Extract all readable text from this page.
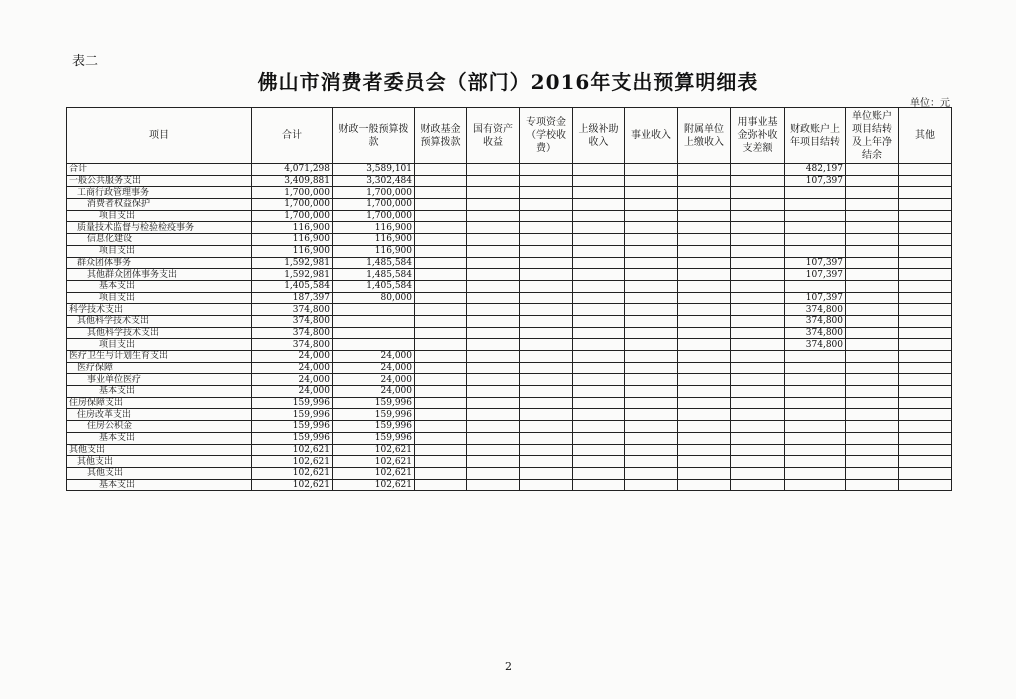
表二
佛山市消费者委员会（部门）2016年支出预算明细表
单位：元
项目	合计	财政一般预算拨款	财政基金预算拨款	国有资产收益	专项资金（学校收费）	上级补助收入	事业收入	附属单位上缴收入	用事业基金弥补收支差额	财政账户上年项目结转	单位账户项目结转及上年净结余	其他
合计	4,071,298	3,589,101								482,197		
一般公共服务支出	3,409,881	3,302,484								107,397		
工商行政管理事务	1,700,000	1,700,000										
消费者权益保护	1,700,000	1,700,000										
项目支出	1,700,000	1,700,000										
质量技术监督与检验检疫事务	116,900	116,900										
信息化建设	116,900	116,900										
项目支出	116,900	116,900										
群众团体事务	1,592,981	1,485,584								107,397		
其他群众团体事务支出	1,592,981	1,485,584								107,397		
基本支出	1,405,584	1,405,584										
项目支出	187,397	80,000								107,397		
科学技术支出	374,800									374,800		
其他科学技术支出	374,800									374,800		
其他科学技术支出	374,800									374,800		
项目支出	374,800									374,800		
医疗卫生与计划生育支出	24,000	24,000										
医疗保障	24,000	24,000										
事业单位医疗	24,000	24,000										
基本支出	24,000	24,000										
住房保障支出	159,996	159,996										
住房改革支出	159,996	159,996										
住房公积金	159,996	159,996										
基本支出	159,996	159,996										
其他支出	102,621	102,621										
其他支出	102,621	102,621										
其他支出	102,621	102,621										
基本支出	102,621	102,621										
2
